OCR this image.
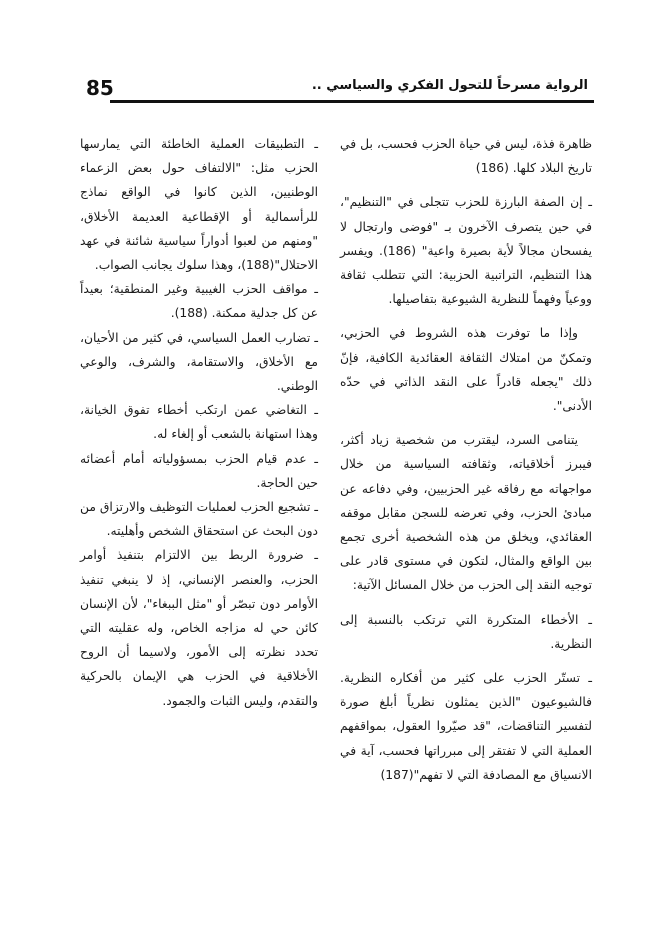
85	الرواية مسرحاً للتحول الفكري والسياسي ..

ظاهرة فذة، ليس في حياة الحزب فحسب، بل في تاريخ البلاد كلها. (186)

ـ إن الصفة البارزة للحزب تتجلى في "التنظيم"، في حين يتصرف الآخرون بـ "فوضى وارتجال لا يفسحان مجالاً لأية بصيرة واعية" (186). ويفسر هذا التنظيم، التراتبية الحزبية: التي تتطلب ثقافة ووعياً وفهماً للنظرية الشيوعية بتفاصيلها.

وإذا ما توفرت هذه الشروط في الحزبي، وتمكنّ من امتلاك الثقافة العقائدية الكافية، فإنّ ذلك "يجعله قادراً على النقد الذاتي في حدّه الأدنى".

يتنامى السرد، ليقترب من شخصية زياد أكثر، فيبرز أخلاقياته، وثقافته السياسية من خلال مواجهاته مع رفاقه غير الحزبيين، وفي دفاعه عن مبادئ الحزب، وفي تعرضه للسجن مقابل موقفه العقائدي، ويخلق من هذه الشخصية أخرى تجمع بين الواقع والمثال، لتكون في مستوى قادر على توجيه النقد إلى الحزب من خلال المسائل الآتية:

ـ الأخطاء المتكررة التي ترتكب بالنسبة إلى النظرية.

ـ تستّر الحزب على كثير من أفكاره النظرية. فالشيوعيون "الذين يمثلون نظرياً أبلغ صورة لتفسير التناقضات، "قد صيّروا العقول، بمواقفهم العملية التي لا تفتقر إلى مبرراتها فحسب، آية في الانسياق مع المصادفة التي لا تفهم"(187)

ـ التطبيقات العملية الخاطئة التي يمارسها الحزب مثل: "الالتفاف حول بعض الزعماء الوطنيين، الذين كانوا في الواقع نماذج للرأسمالية أو الإقطاعية العديمة الأخلاق، "ومنهم من لعبوا أدواراً سياسية شائنة في عهد الاحتلال"(188)، وهذا سلوك يجانب الصواب.

ـ مواقف الحزب الغيبية وغير المنطقية؛ بعيداً عن كل جدلية ممكنة. (188).

ـ تضارب العمل السياسي، في كثير من الأحيان، مع الأخلاق، والاستقامة، والشرف، والوعي الوطني.

ـ التغاضي عمن ارتكب أخطاء تفوق الخيانة، وهذا استهانة بالشعب أو إلغاء له.

ـ عدم قيام الحزب بمسؤولياته أمام أعضائه حين الحاجة.

ـ تشجيع الحزب لعمليات التوظيف والارتزاق من دون البحث عن استحقاق الشخص وأهليته.

ـ ضرورة الربط بين الالتزام بتنفيذ أوامر الحزب، والعنصر الإنساني، إذ لا ينبغي تنفيذ الأوامر دون تبصّر أو "مثل الببغاء"، لأن الإنسان كائن حي له مزاجه الخاص، وله عقليته التي تحدد نظرته إلى الأمور، ولاسيما أن الروح الأخلاقية في الحزب هي الإيمان بالحركية والتقدم، وليس الثبات والجمود.
